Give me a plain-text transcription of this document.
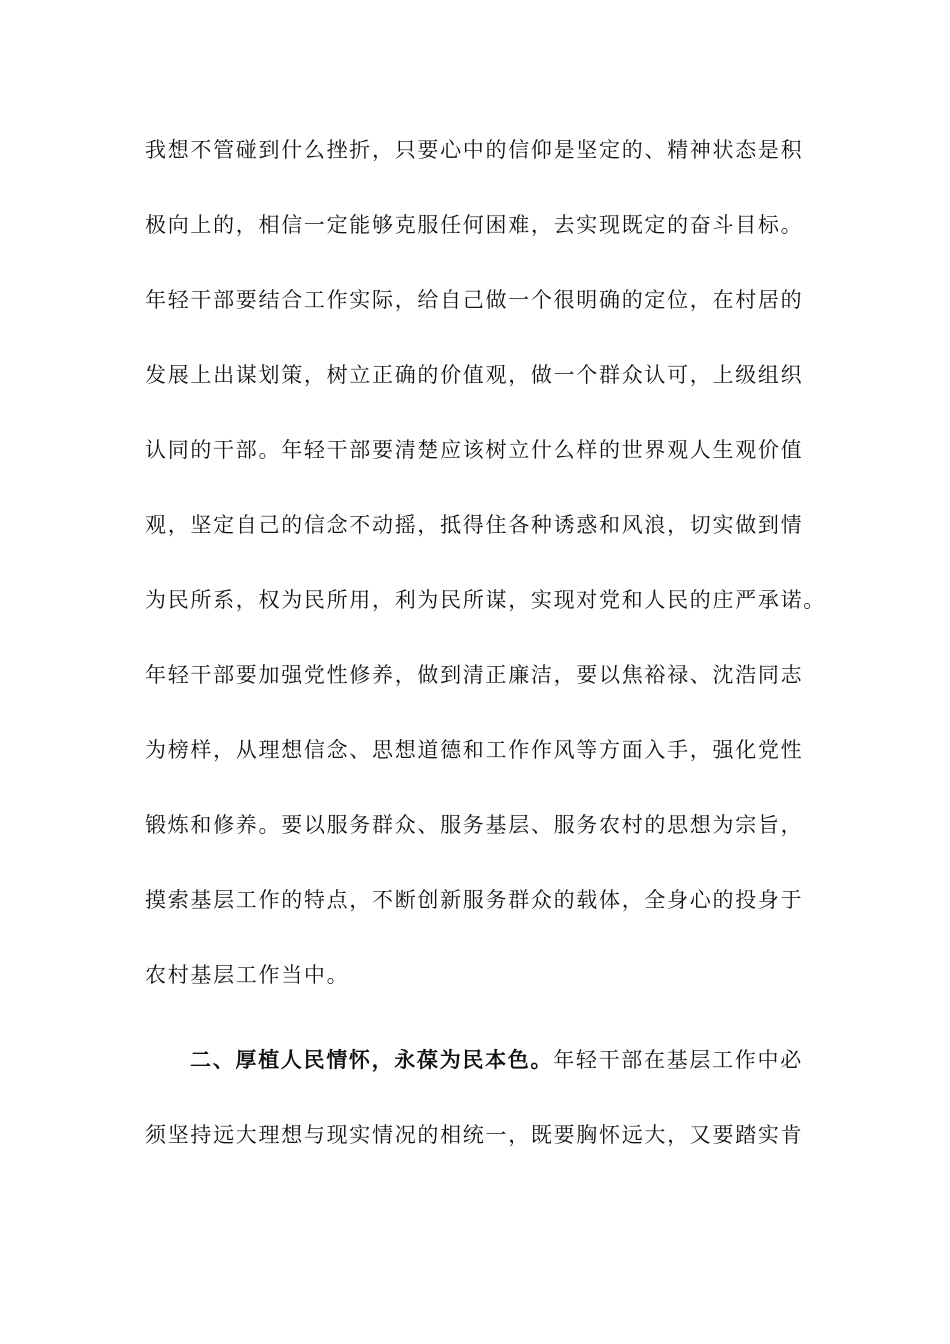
我想不管碰到什么挫折，只要心中的信仰是坚定的、精神状态是积
极向上的，相信一定能够克服任何困难，去实现既定的奋斗目标。
年轻干部要结合工作实际，给自己做一个很明确的定位，在村居的
发展上出谋划策，树立正确的价值观，做一个群众认可，上级组织
认同的干部。年轻干部要清楚应该树立什么样的世界观人生观价值
观，坚定自己的信念不动摇，抵得住各种诱惑和风浪，切实做到情
为民所系，权为民所用，利为民所谋，实现对党和人民的庄严承诺。
年轻干部要加强党性修养，做到清正廉洁，要以焦裕禄、沈浩同志
为榜样，从理想信念、思想道德和工作作风等方面入手，强化党性
锻炼和修养。要以服务群众、服务基层、服务农村的思想为宗旨，
摸索基层工作的特点，不断创新服务群众的载体，全身心的投身于
农村基层工作当中。
二、厚植人民情怀，永葆为民本色。年轻干部在基层工作中必
须坚持远大理想与现实情况的相统一，既要胸怀远大，又要踏实肯
